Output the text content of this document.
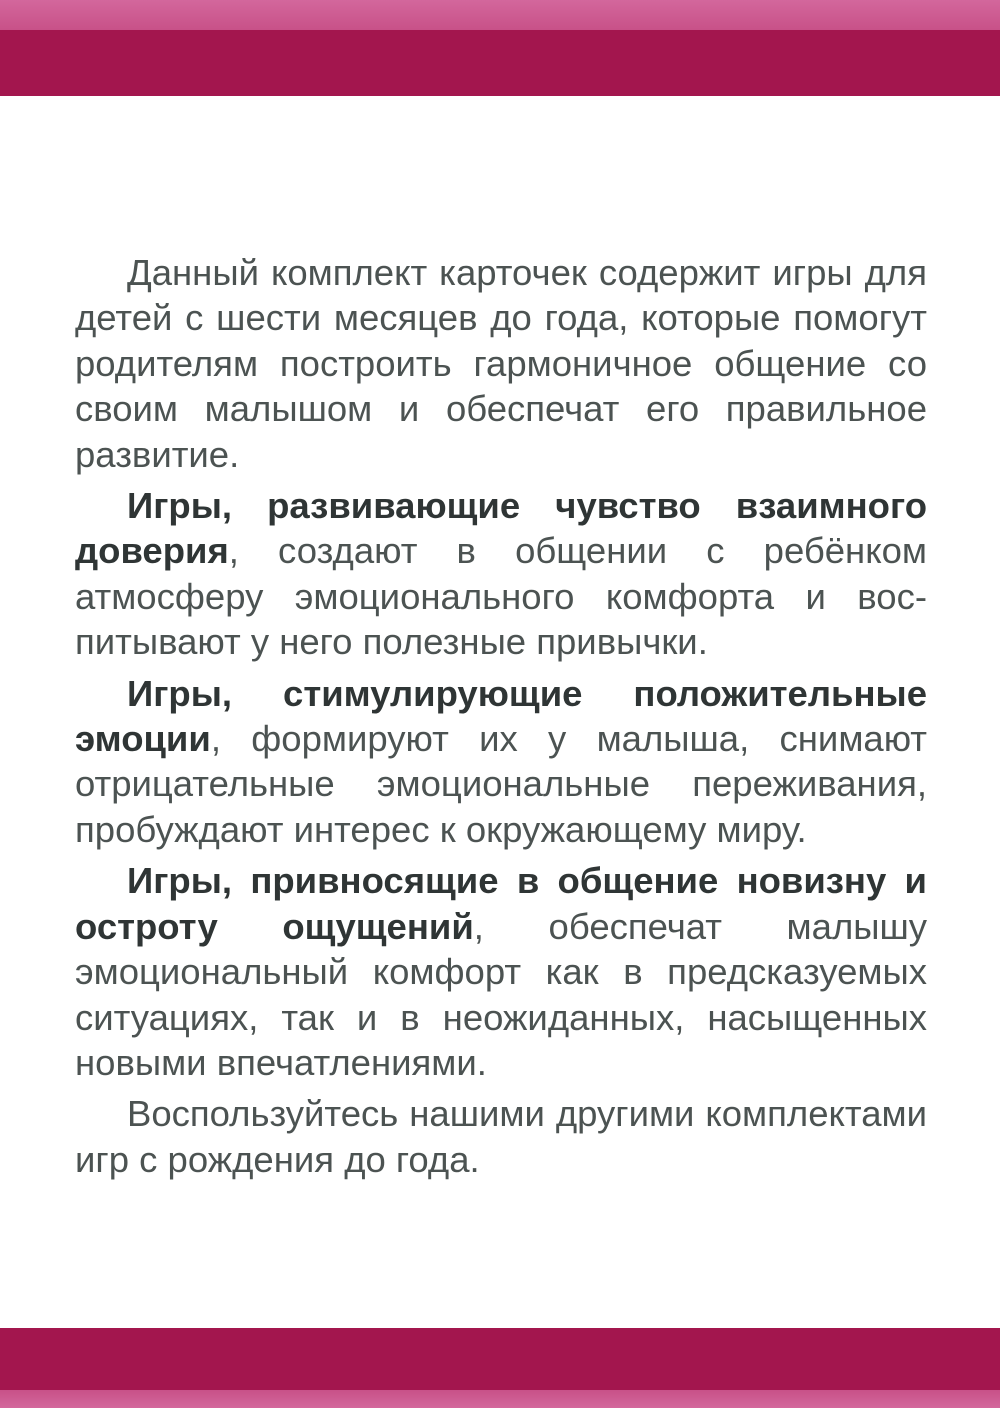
Данный комплект карточек содержит игры для детей с шести месяцев до года, которые помогут родителям построить гармоничное общение со своим малышом и обеспечат его правильное развитие.

Игры, развивающие чувство взаимного доверия, создают в общении с ребёнком атмосферу эмоционального комфорта и воспитывают у него полезные привычки.

Игры, стимулирующие положительные эмоции, формируют их у малыша, снимают отрицательные эмоциональные переживания, пробуждают интерес к окружающему миру.

Игры, привносящие в общение новизну и остроту ощущений, обеспечат малышу эмоциональный комфорт как в предсказуемых ситуациях, так и в неожиданных, насыщенных новыми впечатлениями.

Воспользуйтесь нашими другими комплектами игр с рождения до года.
